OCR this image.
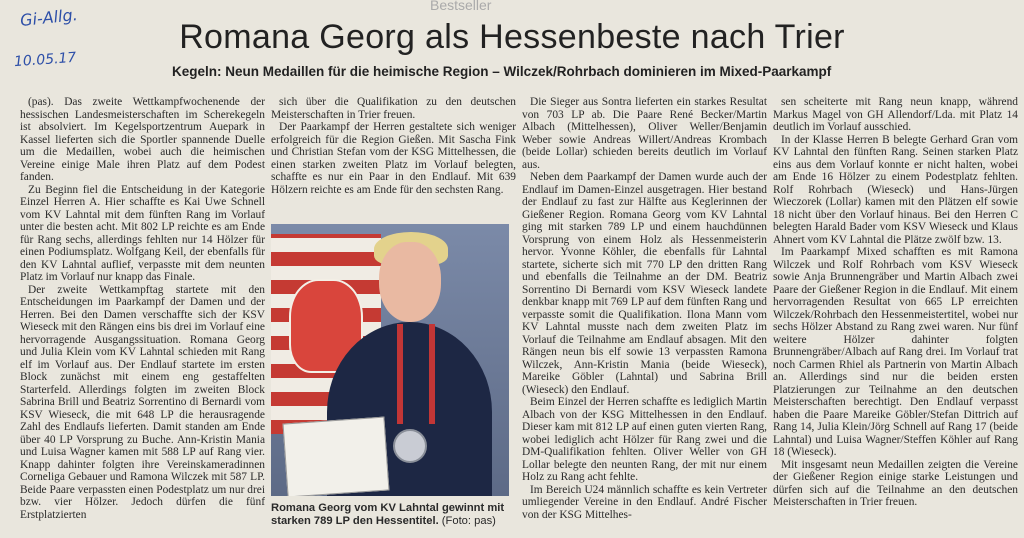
Gi-Allg.
10.05.17
Bestseller
Romana Georg als Hessenbeste nach Trier
Kegeln: Neun Medaillen für die heimische Region – Wilczek/Rohrbach dominieren im Mixed-Paarkampf

(pas). Das zweite Wettkampfwochenende der hessischen Landesmeisterschaften im Scherekegeln ist absolviert. Im Kegelsportzentrum Auepark in Kassel lieferten sich die Sportler spannende Duelle um die Medaillen, wobei auch die heimischen Vereine einige Male ihren Platz auf dem Podest fanden.

Zu Beginn fiel die Entscheidung in der Kategorie Einzel Herren A. Hier schaffte es Kai Uwe Schnell vom KV Lahntal mit dem fünften Rang im Vorlauf unter die besten acht. Mit 802 LP reichte es am Ende für Rang sechs, allerdings fehlten nur 14 Hölzer für einen Podiumsplatz. Wolfgang Keil, der ebenfalls für den KV Lahntal auflief, verpasste mit dem neunten Platz im Vorlauf nur knapp das Finale.

Der zweite Wettkampftag startete mit den Entscheidungen im Paarkampf der Damen und der Herren. Bei den Damen verschaffte sich der KSV Wieseck mit den Rängen eins bis drei im Vorlauf eine hervorragende Ausgangssituation. Romana Georg und Julia Klein vom KV Lahntal schieden mit Rang elf im Vorlauf aus. Der Endlauf startete im ersten Block zunächst mit einem eng gestaffelten Starterfeld. Allerdings folgten im zweiten Block Sabrina Brill und Beatriz Sorrentino di Bernardi vom KSV Wieseck, die mit 648 LP die herausragende Zahl des Endlaufs lieferten. Damit standen am Ende über 40 LP Vorsprung zu Buche. Ann-Kristin Mania und Luisa Wagner kamen mit 588 LP auf Rang vier. Knapp dahinter folgten ihre Vereinskameradinnen Corneliga Gebauer und Ramona Wilczek mit 587 LP. Beide Paare verpassten einen Podestplatz um nur drei bzw. vier Hölzer. Jedoch dürfen die fünf Erstplatzierten

sich über die Qualifikation zu den deutschen Meisterschaften in Trier freuen.

Der Paarkampf der Herren gestaltete sich weniger erfolgreich für die Region Gießen. Mit Sascha Fink und Christian Stefan vom der KSG Mittelhessen, die einen starken zweiten Platz im Vorlauf belegten, schaffte es nur ein Paar in den Endlauf. Mit 639 Hölzern reichte es am Ende für den sechsten Rang.

Romana Georg vom KV Lahntal gewinnt mit starken 789 LP den Hessentitel. (Foto: pas)

Die Sieger aus Sontra lieferten ein starkes Resultat von 703 LP ab. Die Paare René Becker/Martin Albach (Mittelhessen), Oliver Weller/Benjamin Weber sowie Andreas Willert/Andreas Krombach (beide Lollar) schieden bereits deutlich im Vorlauf aus.

Neben dem Paarkampf der Damen wurde auch der Endlauf im Damen-Einzel ausgetragen. Hier bestand der Endlauf zu fast zur Hälfte aus Keglerinnen der Gießener Region. Romana Georg vom KV Lahntal ging mit starken 789 LP und einem hauchdünnen Vorsprung von einem Holz als Hessenmeisterin hervor. Yvonne Köhler, die ebenfalls für Lahntal startete, sicherte sich mit 770 LP den dritten Rang und ebenfalls die Teilnahme an der DM. Beatriz Sorrentino Di Bernardi vom KSV Wieseck landete denkbar knapp mit 769 LP auf dem fünften Rang und verpasste somit die Qualifikation. Ilona Mann vom KV Lahntal musste nach dem zweiten Platz im Vorlauf die Teilnahme am Endlauf absagen. Mit den Rängen neun bis elf sowie 13 verpassten Ramona Wilczek, Ann-Kristin Mania (beide Wieseck), Mareike Göbler (Lahntal) und Sabrina Brill (Wieseck) den Endlauf.

Beim Einzel der Herren schaffte es lediglich Martin Albach von der KSG Mittelhessen in den Endlauf. Dieser kam mit 812 LP auf einen guten vierten Rang, wobei lediglich acht Hölzer für Rang zwei und die DM-Qualifikation fehlten. Oliver Weller von GH Lollar belegte den neunten Rang, der mit nur einem Holz zu Rang acht fehlte.

Im Bereich U24 männlich schaffte es kein Vertreter umliegender Vereine in den Endlauf. André Fischer von der KSG Mittelhes-

sen scheiterte mit Rang neun knapp, während Markus Magel von GH Allendorf/Lda. mit Platz 14 deutlich im Vorlauf ausschied.

In der Klasse Herren B belegte Gerhard Gran vom KV Lahntal den fünften Rang. Seinen starken Platz eins aus dem Vorlauf konnte er nicht halten, wobei am Ende 16 Hölzer zu einem Podestplatz fehlten. Rolf Rohrbach (Wieseck) und Hans-Jürgen Wieczorek (Lollar) kamen mit den Plätzen elf sowie 18 nicht über den Vorlauf hinaus. Bei den Herren C belegten Harald Bader vom KSV Wieseck und Klaus Ahnert vom KV Lahntal die Plätze zwölf bzw. 13.

Im Paarkampf Mixed schafften es mit Ramona Wilczek und Rolf Rohrbach vom KSV Wieseck sowie Anja Brunnengräber und Martin Albach zwei Paare der Gießener Region in die Endlauf. Mit einem hervorragenden Resultat von 665 LP erreichten Wilczek/Rohrbach den Hessenmeistertitel, wobei nur sechs Hölzer Abstand zu Rang zwei waren. Nur fünf weitere Hölzer dahinter folgten Brunnengräber/Albach auf Rang drei. Im Vorlauf trat noch Carmen Rhiel als Partnerin von Martin Albach an. Allerdings sind nur die beiden ersten Platzierungen zur Teilnahme an den deutschen Meisterschaften berechtigt. Den Endlauf verpasst haben die Paare Mareike Göbler/Stefan Dittrich auf Rang 14, Julia Klein/Jörg Schnell auf Rang 17 (beide Lahntal) und Luisa Wagner/Steffen Köhler auf Rang 18 (Wieseck).

Mit insgesamt neun Medaillen zeigten die Vereine der Gießener Region einige starke Leistungen und dürfen sich auf die Teilnahme an den deutschen Meisterschaften in Trier freuen.
